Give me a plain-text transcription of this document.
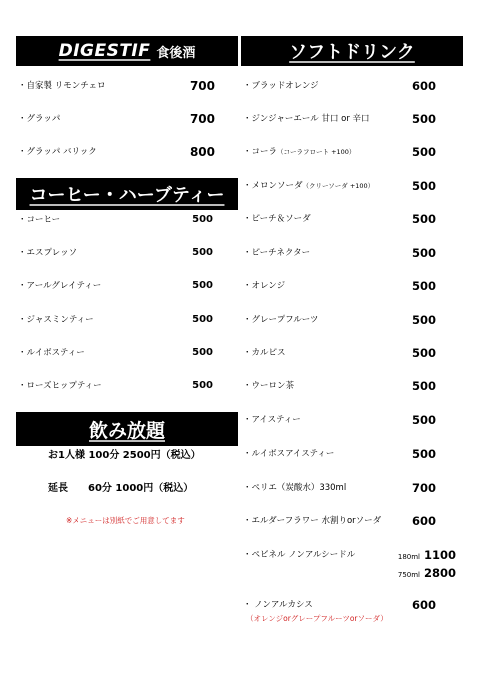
DIGESTIF 食後酒
・自家製 リモンチェロ	700
・グラッパ	700
・グラッパ バリック	800
コーヒー・ハーブティー
・コーヒー	500
・エスプレッソ	500
・アールグレイティー	500
・ジャスミンティー	500
・ルイボスティー	500
・ローズヒップティー	500
飲み放題
お1人様 100分 2500円（税込）
延長 60分 1000円（税込）
※メニューは別紙でご用意してます
ソフトドリンク
・ブラッドオレンジ	600
・ジンジャーエール 甘口 or 辛口	500
・コーラ（コーラフロート +100）	500
・メロンソーダ（クリーソーダ +100）	500
・ピーチ＆ソーダ	500
・ピーチネクター	500
・オレンジ	500
・グレープフルーツ	500
・カルピス	500
・ウーロン茶	500
・アイスティー	500
・ルイボスアイスティー	500
・ペリエ（炭酸水）330ml	700
・エルダーフラワー 水割りorソーダ	600
・ペビネル ノンアルシードル	180ml 1100
750ml 2800
・ ノンアルカシス	600
（オレンジorグレープフルーツorソーダ）
